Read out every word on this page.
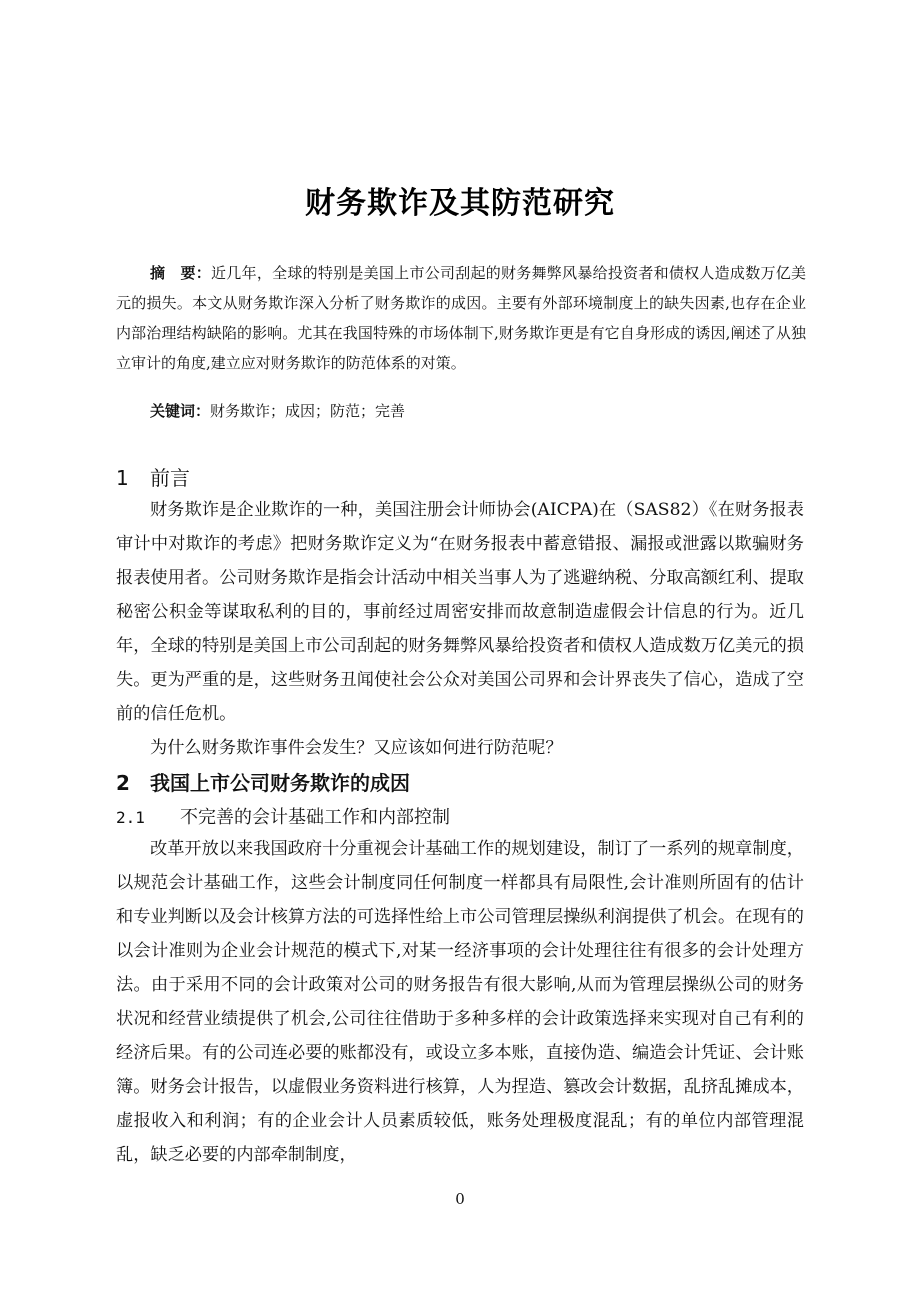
财务欺诈及其防范研究
摘　要：近几年，全球的特别是美国上市公司刮起的财务舞弊风暴给投资者和债权人造成数万亿美元的损失。本文从财务欺诈深入分析了财务欺诈的成因。主要有外部环境制度上的缺失因素,也存在企业内部治理结构缺陷的影响。尤其在我国特殊的市场体制下,财务欺诈更是有它自身形成的诱因,阐述了从独立审计的角度,建立应对财务欺诈的防范体系的对策。
关键词：财务欺诈；成因；防范；完善
1 前言
财务欺诈是企业欺诈的一种，美国注册会计师协会(AICPA)在（SAS82）《在财务报表审计中对欺诈的考虑》把财务欺诈定义为“在财务报表中蓄意错报、漏报或泄露以欺骗财务报表使用者。公司财务欺诈是指会计活动中相关当事人为了逃避纳税、分取高额红利、提取秘密公积金等谋取私利的目的，事前经过周密安排而故意制造虚假会计信息的行为。近几年，全球的特别是美国上市公司刮起的财务舞弊风暴给投资者和债权人造成数万亿美元的损失。更为严重的是，这些财务丑闻使社会公众对美国公司界和会计界丧失了信心，造成了空前的信任危机。
为什么财务欺诈事件会发生？又应该如何进行防范呢？
2 我国上市公司财务欺诈的成因
2.1 不完善的会计基础工作和内部控制
改革开放以来我国政府十分重视会计基础工作的规划建设，制订了一系列的规章制度，以规范会计基础工作，这些会计制度同任何制度一样都具有局限性,会计准则所固有的估计和专业判断以及会计核算方法的可选择性给上市公司管理层操纵利润提供了机会。在现有的以会计准则为企业会计规范的模式下,对某一经济事项的会计处理往往有很多的会计处理方法。由于采用不同的会计政策对公司的财务报告有很大影响,从而为管理层操纵公司的财务状况和经营业绩提供了机会,公司往往借助于多种多样的会计政策选择来实现对自己有利的经济后果。有的公司连必要的账都没有，或设立多本账，直接伪造、编造会计凭证、会计账簿。财务会计报告，以虚假业务资料进行核算，人为捏造、篡改会计数据，乱挤乱摊成本，虚报收入和利润；有的企业会计人员素质较低，账务处理极度混乱；有的单位内部管理混乱，缺乏必要的内部牵制制度，
0
